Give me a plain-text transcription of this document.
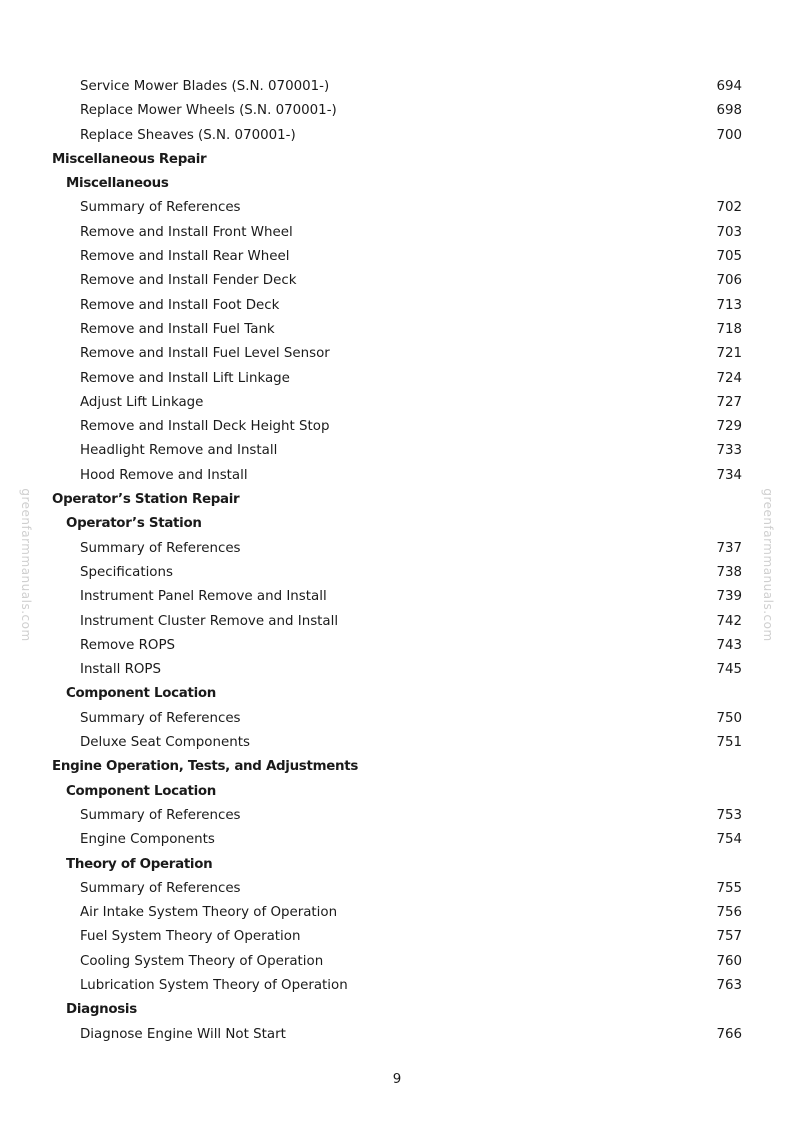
Service Mower Blades (S.N. 070001-)	694
Replace Mower Wheels (S.N. 070001-)	698
Replace Sheaves (S.N. 070001-)	700
Miscellaneous Repair
Miscellaneous
Summary of References	702
Remove and Install Front Wheel	703
Remove and Install Rear Wheel	705
Remove and Install Fender Deck	706
Remove and Install Foot Deck	713
Remove and Install Fuel Tank	718
Remove and Install Fuel Level Sensor	721
Remove and Install Lift Linkage	724
Adjust Lift Linkage	727
Remove and Install Deck Height Stop	729
Headlight Remove and Install	733
Hood Remove and Install	734
Operator’s Station Repair
Operator’s Station
Summary of References	737
Specifications	738
Instrument Panel Remove and Install	739
Instrument Cluster Remove and Install	742
Remove ROPS	743
Install ROPS	745
Component Location
Summary of References	750
Deluxe Seat Components	751
Engine Operation, Tests, and Adjustments
Component Location
Summary of References	753
Engine Components	754
Theory of Operation
Summary of References	755
Air Intake System Theory of Operation	756
Fuel System Theory of Operation	757
Cooling System Theory of Operation	760
Lubrication System Theory of Operation	763
Diagnosis
Diagnose Engine Will Not Start	766
9
greenfarmmanuals.com	greenfarmmanuals.com
